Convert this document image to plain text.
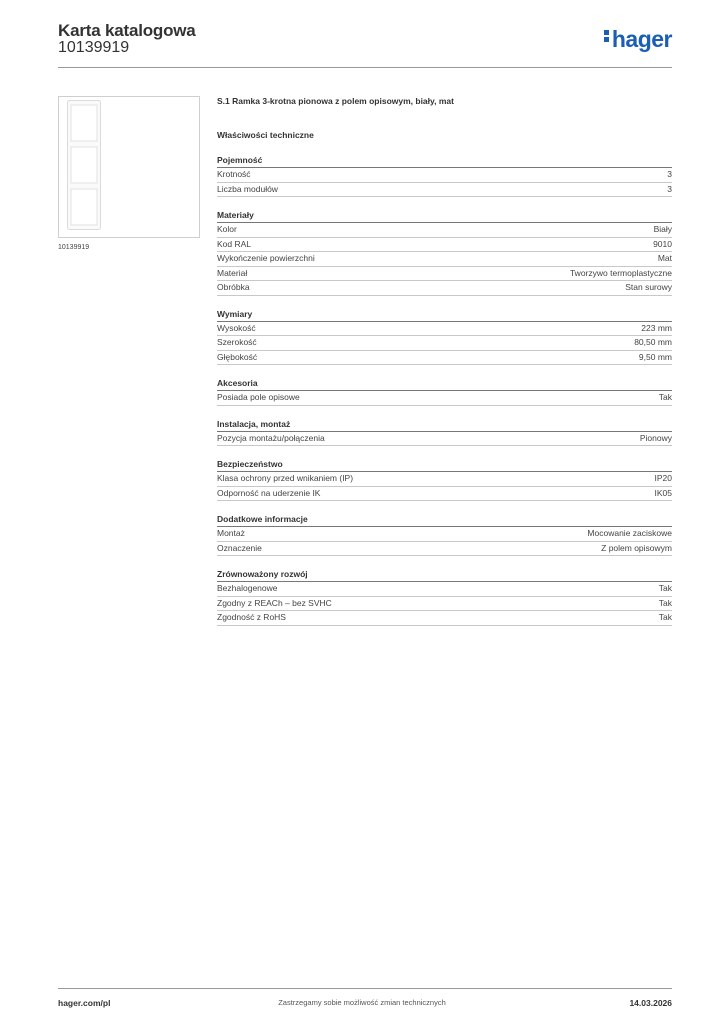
Karta katalogowa
10139919	hager
10139919
S.1 Ramka 3-krotna pionowa z polem opisowym, biały, mat
Właściwości techniczne
Pojemność
Krotność	3
Liczba modułów	3
Materiały
Kolor	Biały
Kod RAL	9010
Wykończenie powierzchni	Mat
Materiał	Tworzywo termoplastyczne
Obróbka	Stan surowy
Wymiary
Wysokość	223 mm
Szerokość	80,50 mm
Głębokość	9,50 mm
Akcesoria
Posiada pole opisowe	Tak
Instalacja, montaż
Pozycja montażu/połączenia	Pionowy
Bezpieczeństwo
Klasa ochrony przed wnikaniem (IP)	IP20
Odporność na uderzenie IK	IK05
Dodatkowe informacje
Montaż	Mocowanie zaciskowe
Oznaczenie	Z polem opisowym
Zrównoważony rozwój
Bezhalogenowe	Tak
Zgodny z REACh – bez SVHC	Tak
Zgodność z RoHS	Tak
hager.com/pl	Zastrzegamy sobie możliwość zmian technicznych	14.03.2026
